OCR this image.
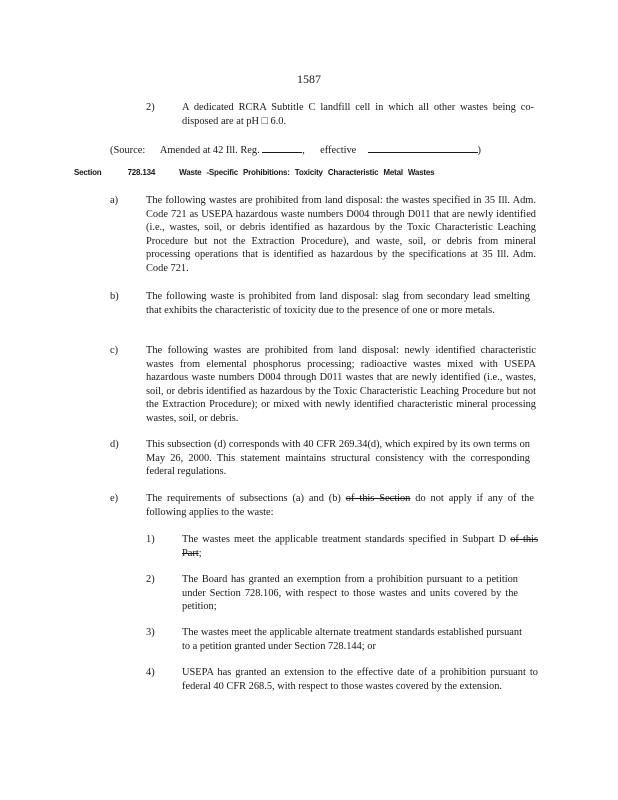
1587
2)	A dedicated RCRA Subtitle C landfill cell in which all other wastes being co-disposed are at pH □ 6.0.
(Source: Amended at 42 Ill. Reg.	, effective	)
Section	728.134	Waste -Specific Prohibitions: Toxicity Characteristic Metal Wastes
a)	The following wastes are prohibited from land disposal: the wastes specified in 35 Ill. Adm. Code 721 as USEPA hazardous waste numbers D004 through D011 that are newly identified (i.e., wastes, soil, or debris identified as hazardous by the Toxic Characteristic Leaching Procedure but not the Extraction Procedure), and waste, soil, or debris from mineral processing operations that is identified as hazardous by the specifications at 35 Ill. Adm. Code 721.
b)	The following waste is prohibited from land disposal: slag from secondary lead smelting that exhibits the characteristic of toxicity due to the presence of one or more metals.
c)	The following wastes are prohibited from land disposal: newly identified characteristic wastes from elemental phosphorus processing; radioactive wastes mixed with USEPA hazardous waste numbers D004 through D011 wastes that are newly identified (i.e., wastes, soil, or debris identified as hazardous by the Toxic Characteristic Leaching Procedure but not the Extraction Procedure); or mixed with newly identified characteristic mineral processing wastes, soil, or debris.
d)	This subsection (d) corresponds with 40 CFR 269.34(d), which expired by its own terms on May 26, 2000. This statement maintains structural consistency with the corresponding federal regulations.
e)	The requirements of subsections (a) and (b) of this Section do not apply if any of the following applies to the waste:
1)	The wastes meet the applicable treatment standards specified in Subpart D of this Part;
2)	The Board has granted an exemption from a prohibition pursuant to a petition under Section 728.106, with respect to those wastes and units covered by the petition;
3)	The wastes meet the applicable alternate treatment standards established pursuant to a petition granted under Section 728.144; or
4)	USEPA has granted an extension to the effective date of a prohibition pursuant to federal 40 CFR 268.5, with respect to those wastes covered by the extension.
